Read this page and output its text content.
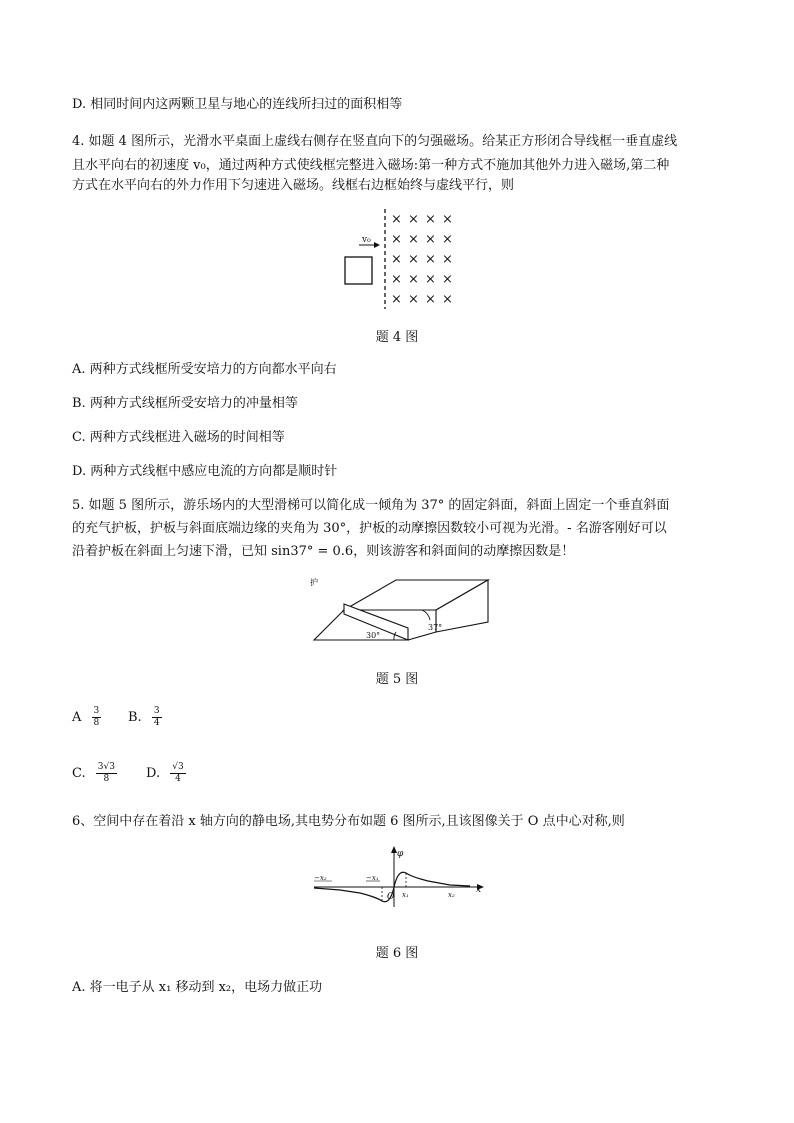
D. 相同时间内这两颗卫星与地心的连线所扫过的面积相等
4. 如题 4 图所示，光滑水平桌面上虚线右侧存在竖直向下的匀强磁场。给某正方形闭合导线框一垂直虚线
且水平向右的初速度 v₀，通过两种方式使线框完整进入磁场:第一种方式不施加其他外力进入磁场,第二种
方式在水平向右的外力作用下匀速进入磁场。线框右边框始终与虚线平行，则
v₀
× × × ×
× × × ×
× × × ×
× × × ×
× × × ×
题 4 图
A. 两种方式线框所受安培力的方向都水平向右
B. 两种方式线框所受安培力的冲量相等
C. 两种方式线框进入磁场的时间相等
D. 两种方式线框中感应电流的方向都是顺时针
5. 如题 5 图所示，游乐场内的大型滑梯可以简化成一倾角为 37° 的固定斜面，斜面上固定一个垂直斜面
的充气护板，护板与斜面底端边缘的夹角为 30°，护板的动摩擦因数较小可视为光滑。- 名游客刚好可以
沿着护板在斜面上匀速下滑，已知 sin37° = 0.6，则该游客和斜面间的动摩擦因数是！
护
37°
30°
题 5 图
A $\frac{3}{8} B$. $\frac{3}{4}$
C. $\frac{3√3}{8} D$. $\frac{√3}{4}$
6、空间中存在着沿 x 轴方向的静电场,其电势分布如题 6 图所示,且该图像关于 O 点中心对称,则
x
φ
O
−x₂	−x₁
x₁	x₂
题 6 图
A. 将一电子从 x₁ 移动到 x₂，电场力做正功
